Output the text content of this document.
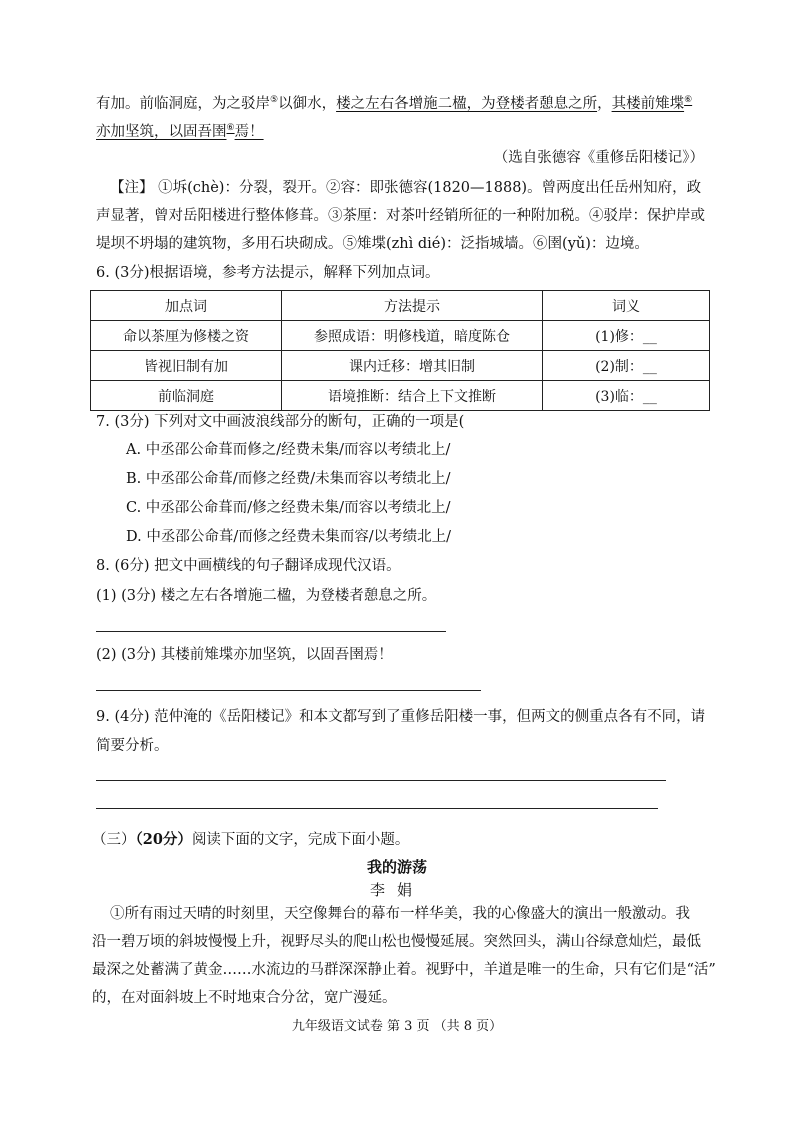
有加。前临洞庭，为之驳岸⑤以御水，楼之左右各增施二楹，为登楼者憩息之所，其楼前雉堞⑥
亦加坚筑，以固吾圉⑥焉！
（选自张德容《重修岳阳楼记》）
【注】 ①坼(chè)：分裂，裂开。②容：即张德容(1820—1888)。曾两度出任岳州知府，政
声显著，曾对岳阳楼进行整体修葺。③茶厘：对茶叶经销所征的一种附加税。④驳岸：保护岸或
堤坝不坍塌的建筑物，多用石块砌成。⑤雉堞(zhì dié)：泛指城墙。⑥圉(yǔ)：边境。
6. (3分)根据语境，参考方法提示，解释下列加点词。
加点词	方法提示	词义
命以茶厘为修楼之资	参照成语：明修栈道，暗度陈仓	(1)修：__
皆视旧制有加	课内迁移：增其旧制	(2)制：__
前临洞庭	语境推断：结合上下文推断	(3)临：__
7. (3分) 下列对文中画波浪线部分的断句，正确的一项是(
A. 中丞邵公命葺而修之/经费未集/而容以考绩北上/
B. 中丞邵公命葺/而修之经费/未集而容以考绩北上/
C. 中丞邵公命葺而/修之经费未集/而容以考绩北上/
D. 中丞邵公命葺/而修之经费未集而容/以考绩北上/
8. (6分) 把文中画横线的句子翻译成现代汉语。
(1) (3分) 楼之左右各增施二楹，为登楼者憩息之所。
(2) (3分) 其楼前雉堞亦加坚筑，以固吾圉焉！
9. (4分) 范仲淹的《岳阳楼记》和本文都写到了重修岳阳楼一事，但两文的侧重点各有不同，请
简要分析。
（三）（20分）阅读下面的文字，完成下面小题。
我的游荡
李娟
①所有雨过天晴的时刻里，天空像舞台的幕布一样华美，我的心像盛大的演出一般激动。我
沿一碧万顷的斜坡慢慢上升，视野尽头的爬山松也慢慢延展。突然回头，满山谷绿意灿烂，最低
最深之处蓄满了黄金……水流边的马群深深静止着。视野中，羊道是唯一的生命，只有它们是“活”
的，在对面斜坡上不时地束合分岔，宽广漫延。
九年级语文试卷 第 3 页 （共 8 页）
